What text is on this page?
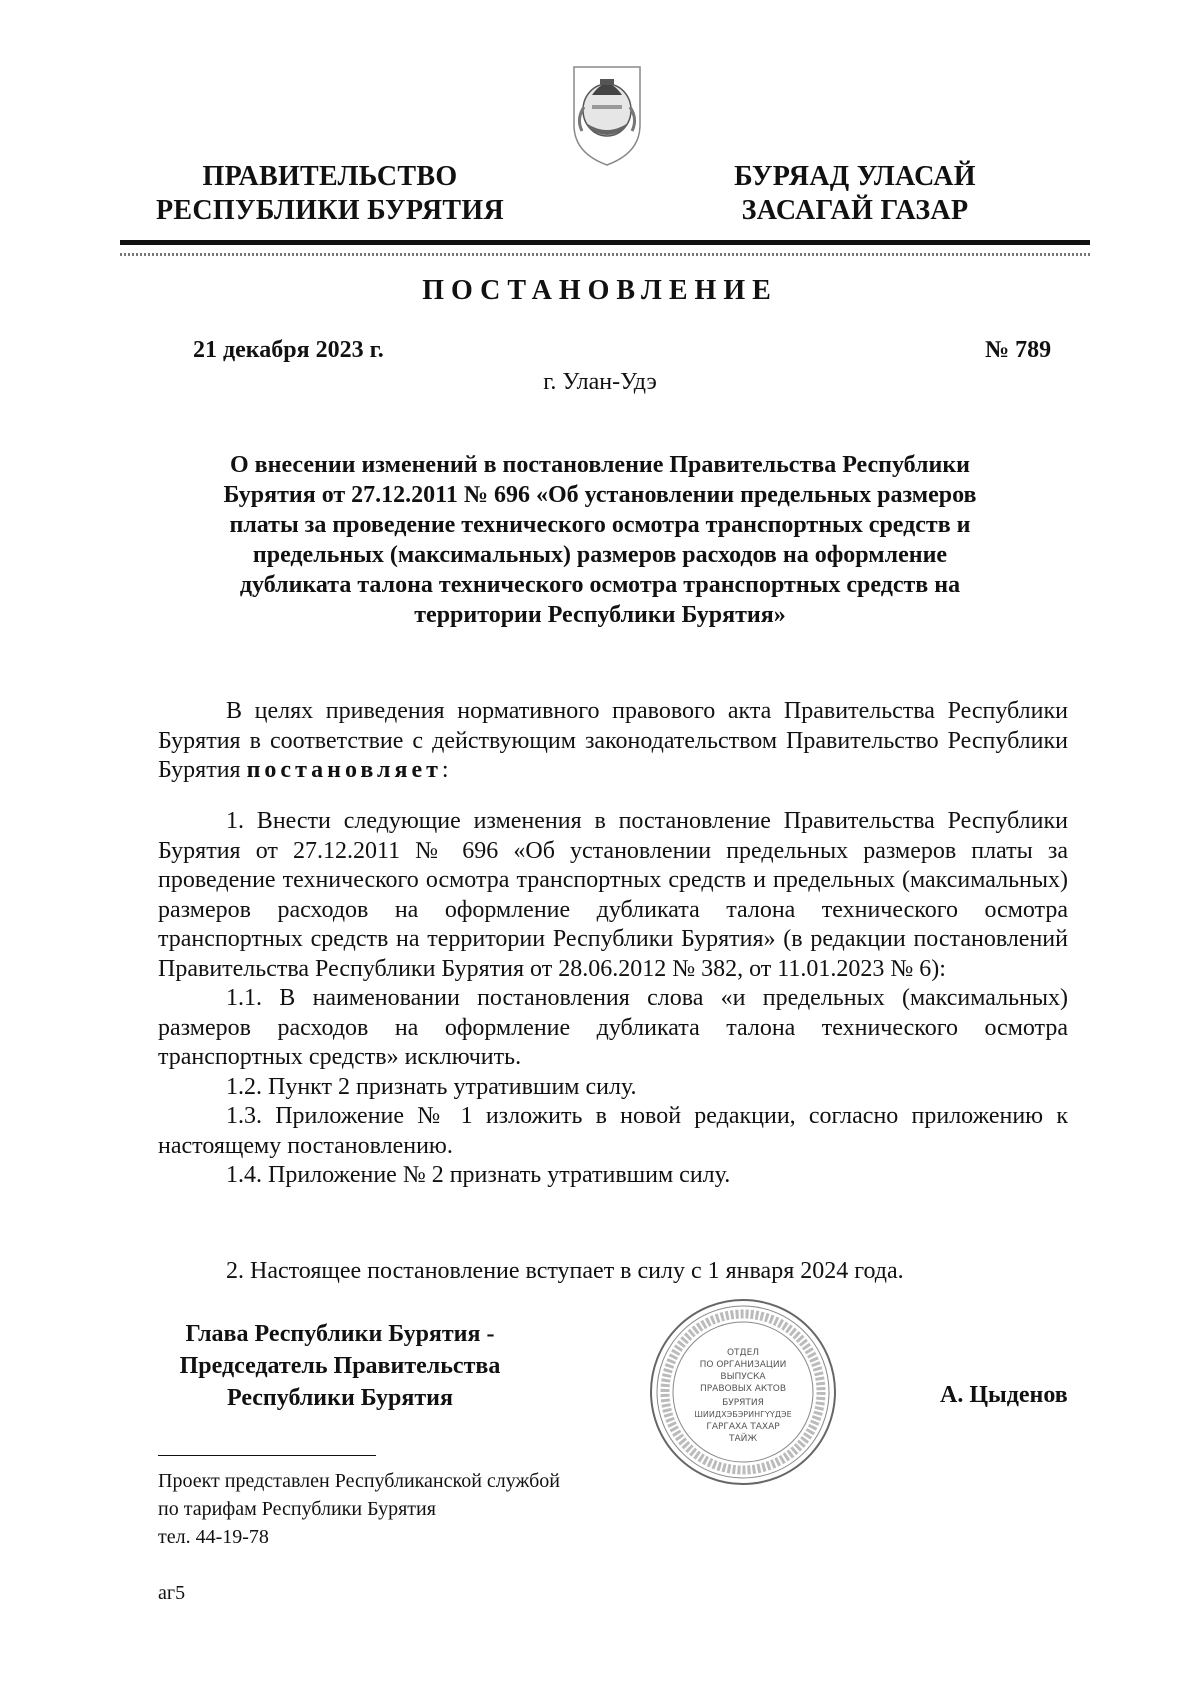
ПРАВИТЕЛЬСТВО
РЕСПУБЛИКИ БУРЯТИЯ
БУРЯАД УЛАСАЙ
ЗАСАГАЙ ГАЗАР
ПОСТАНОВЛЕНИЕ
21 декабря 2023 г.	№ 789
г. Улан-Удэ
О внесении изменений в постановление Правительства Республики Бурятия от 27.12.2011 № 696 «Об установлении предельных размеров платы за проведение технического осмотра транспортных средств и предельных (максимальных) размеров расходов на оформление дубликата талона технического осмотра транспортных средств на территории Республики Бурятия»

В целях приведения нормативного правового акта Правительства Республики Бурятия в соответствие с действующим законодательством Правительство Республики Бурятия постановляет:

1. Внести следующие изменения в постановление Правительства Республики Бурятия от 27.12.2011 № 696 «Об установлении предельных размеров платы за проведение технического осмотра транспортных средств и предельных (максимальных) размеров расходов на оформление дубликата талона технического осмотра транспортных средств на территории Республики Бурятия» (в редакции постановлений Правительства Республики Бурятия от 28.06.2012 № 382, от 11.01.2023 № 6):

1.1. В наименовании постановления слова «и предельных (максимальных) размеров расходов на оформление дубликата талона технического осмотра транспортных средств» исключить.

1.2. Пункт 2 признать утратившим силу.

1.3. Приложение № 1 изложить в новой редакции, согласно приложению к настоящему постановлению.

1.4. Приложение № 2 признать утратившим силу.

2. Настоящее постановление вступает в силу с 1 января 2024 года.

Глава Республики Бурятия -
Председатель Правительства
Республики Бурятия
ОТДЕЛ
ПО ОРГАНИЗАЦИИ
ВЫПУСКА
ПРАВОВЫХ АКТОВ
БУРЯТИЯ
ШИИДХЭБЭРИНГҮҮДЭЕ
ГАРГАХА ТАХАР
ТАЙЖ
А. Цыденов
Проект представлен Республиканской службой
по тарифам Республики Бурятия
тел. 44-19-78
аг5
